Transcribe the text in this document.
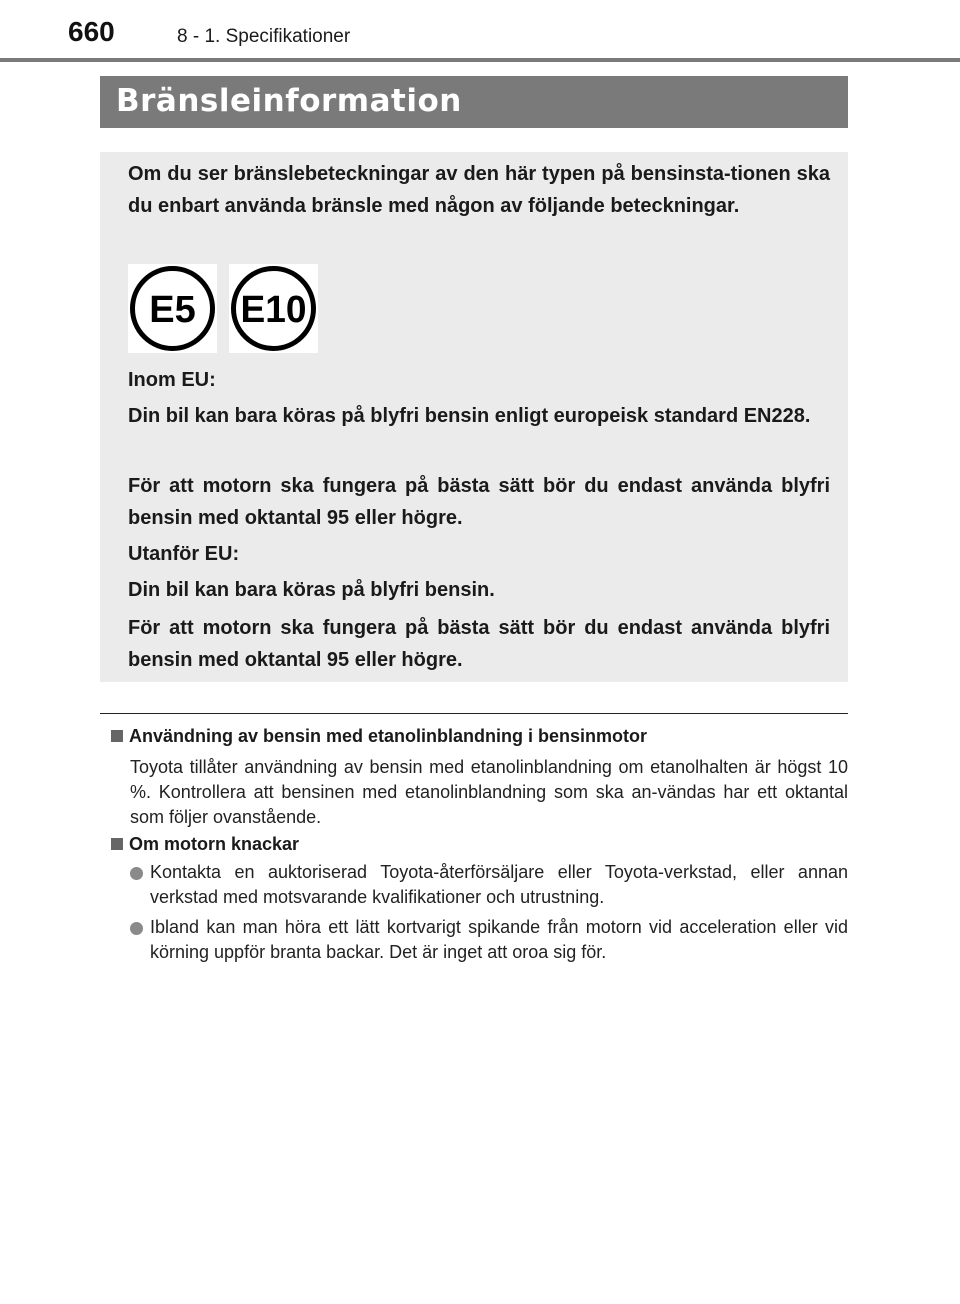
660	8 - 1. Specifikationer
Bränsleinformation

Om du ser bränslebeteckningar av den här typen på bensinsta-tionen ska du enbart använda bränsle med någon av följande beteckningar.

E5 E10

Inom EU:

Din bil kan bara köras på blyfri bensin enligt europeisk standard EN228.

För att motorn ska fungera på bästa sätt bör du endast använda blyfri bensin med oktantal 95 eller högre.

Utanför EU:

Din bil kan bara köras på blyfri bensin.

För att motorn ska fungera på bästa sätt bör du endast använda blyfri bensin med oktantal 95 eller högre.

Användning av bensin med etanolinblandning i bensinmotor

Toyota tillåter användning av bensin med etanolinblandning om etanolhalten är högst 10 %. Kontrollera att bensinen med etanolinblandning som ska an-vändas har ett oktantal som följer ovanstående.

Om motorn knackar

Kontakta en auktoriserad Toyota-återförsäljare eller Toyota-verkstad, eller annan verkstad med motsvarande kvalifikationer och utrustning.

Ibland kan man höra ett lätt kortvarigt spikande från motorn vid acceleration eller vid körning uppför branta backar. Det är inget att oroa sig för.
